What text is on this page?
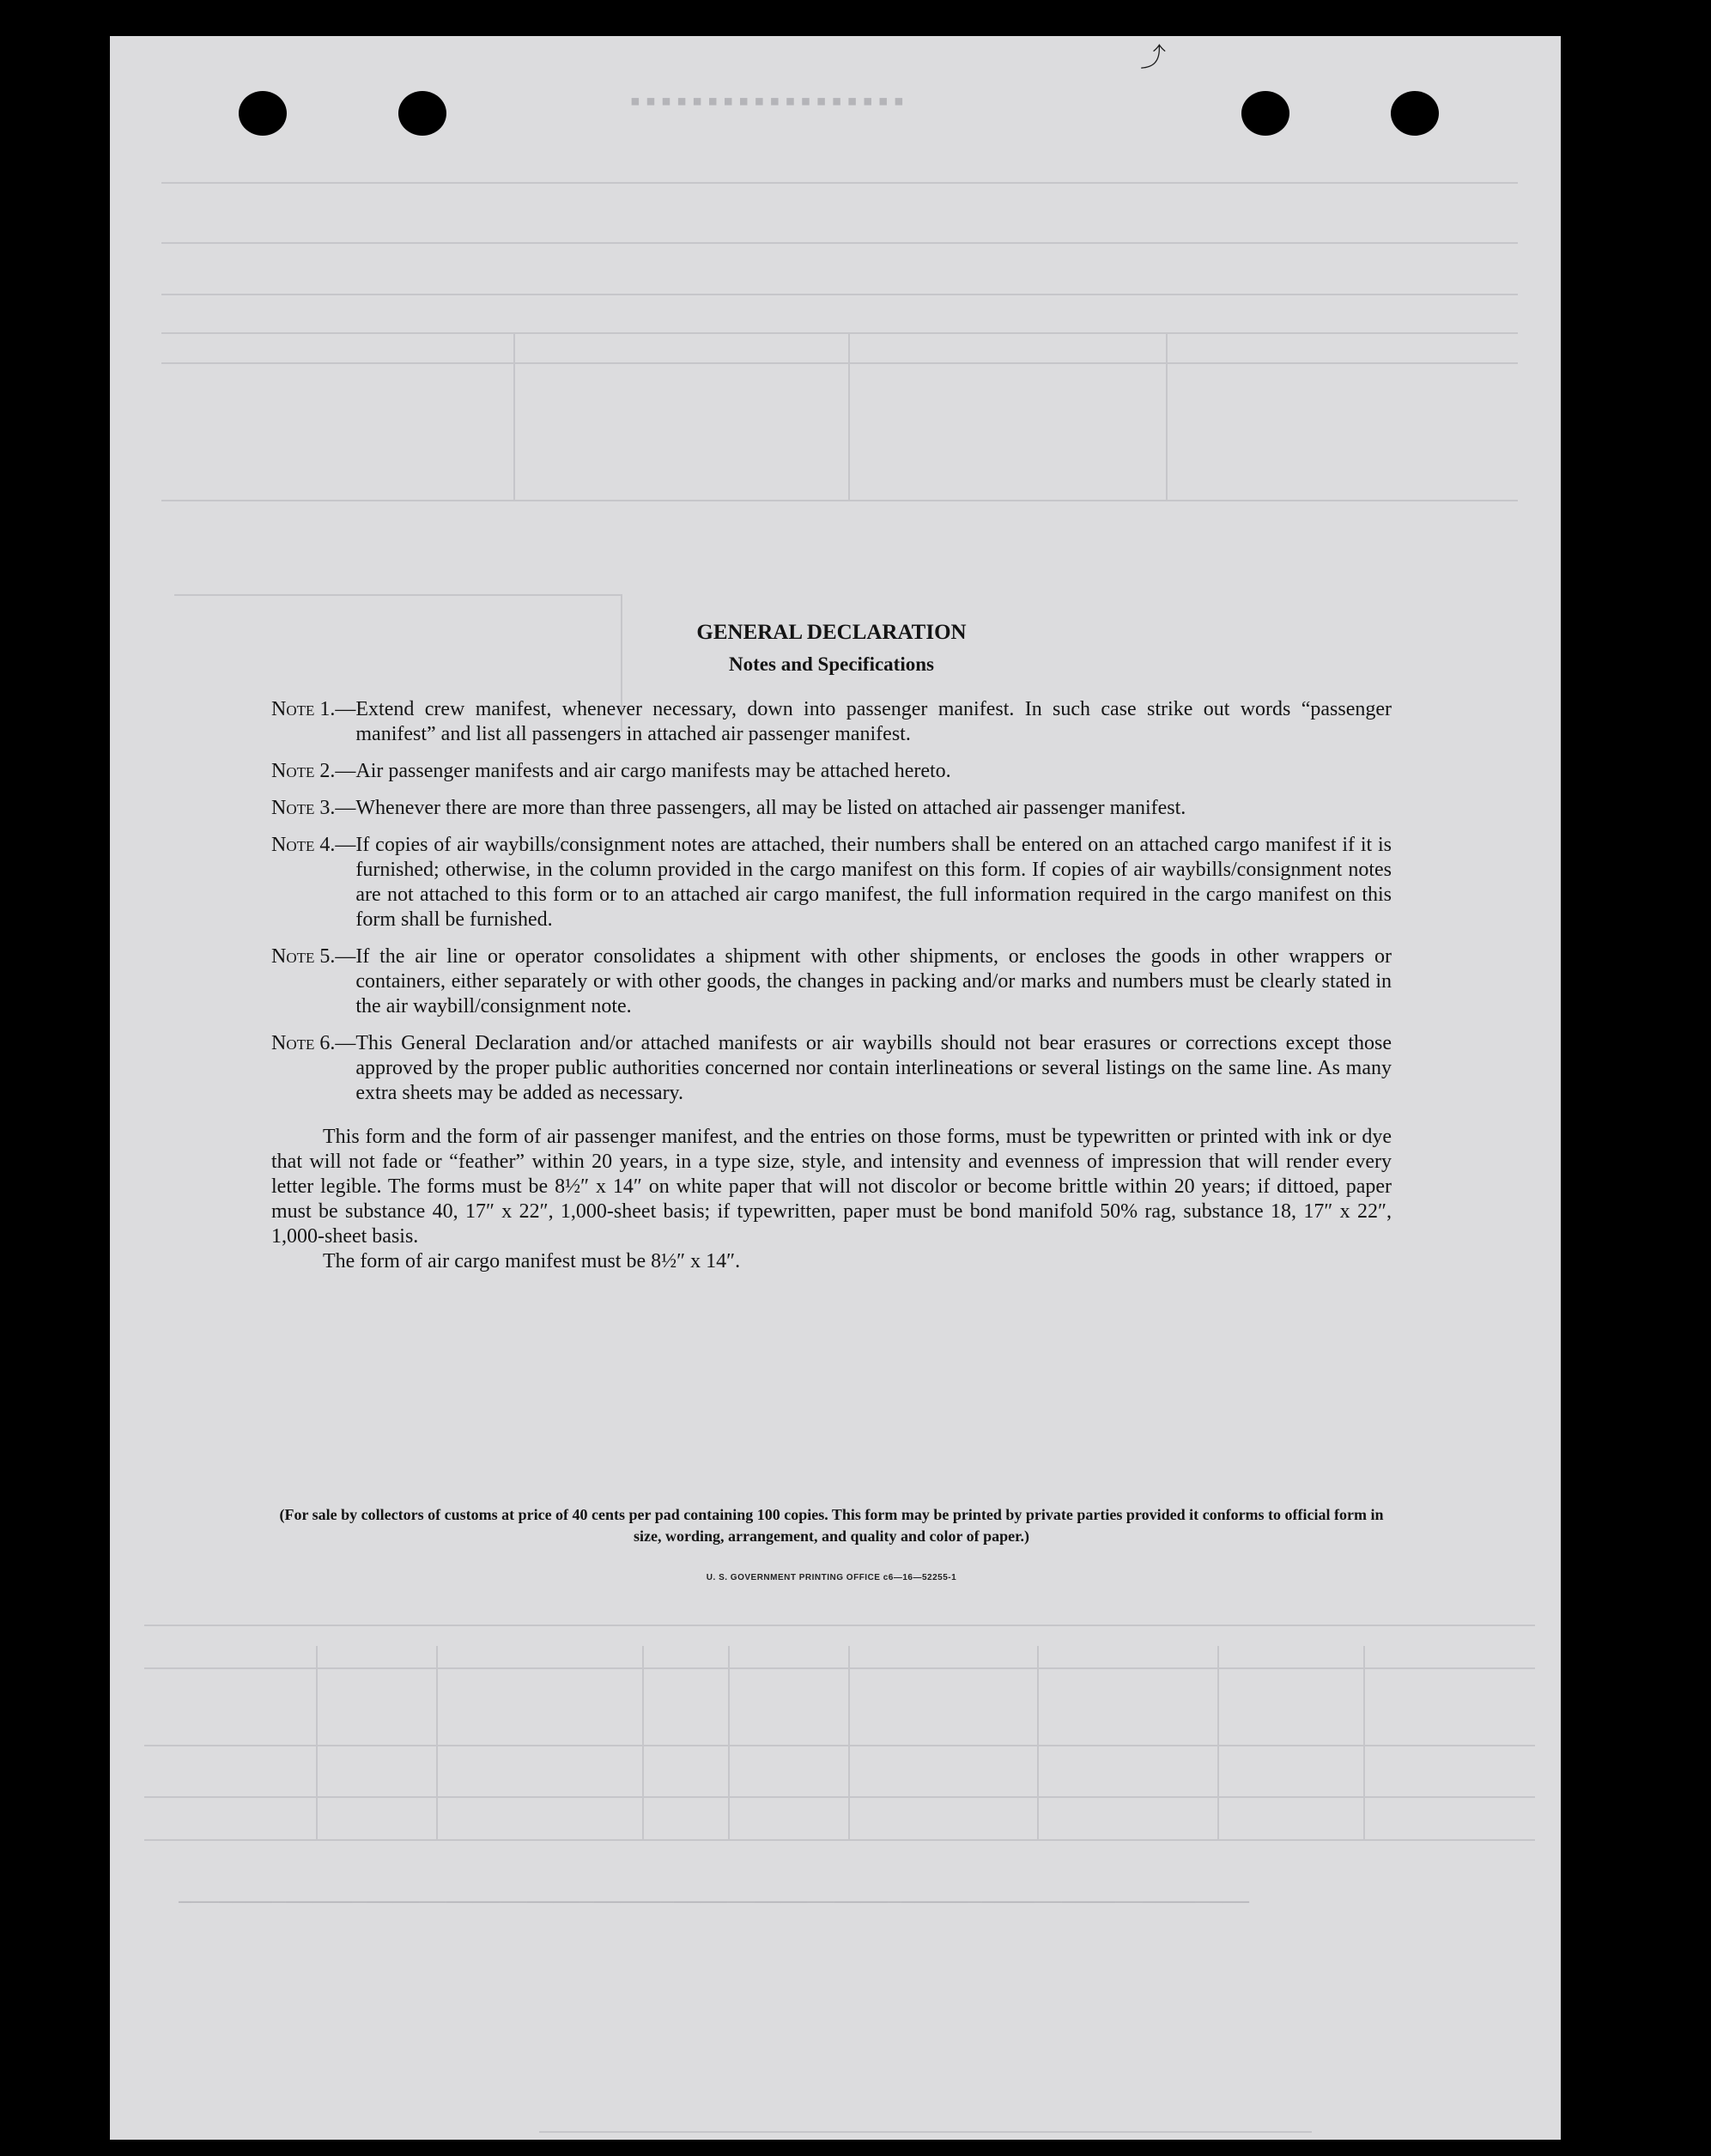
▪▪▪▪▪▪▪▪▪▪▪▪▪▪▪▪▪▪
────────────────────────────────────────────────────────────────────────────────
⤴
GENERAL DECLARATION
Notes and Specifications
Note 1.— Extend crew manifest, whenever necessary, down into passenger manifest. In such case strike out words “passenger manifest” and list all passengers in attached air passenger manifest.
Note 2.— Air passenger manifests and air cargo manifests may be attached hereto.
Note 3.— Whenever there are more than three passengers, all may be listed on attached air passenger manifest.
Note 4.— If copies of air waybills/consignment notes are attached, their numbers shall be entered on an attached cargo manifest if it is furnished; otherwise, in the column provided in the cargo manifest on this form. If copies of air waybills/consignment notes are not attached to this form or to an attached air cargo manifest, the full information required in the cargo manifest on this form shall be furnished.
Note 5.— If the air line or operator consolidates a shipment with other shipments, or encloses the goods in other wrappers or containers, either separately or with other goods, the changes in packing and/or marks and numbers must be clearly stated in the air waybill/consignment note.
Note 6.— This General Declaration and/or attached manifests or air waybills should not bear erasures or corrections except those approved by the proper public authorities concerned nor contain interlineations or several listings on the same line. As many extra sheets may be added as necessary.
This form and the form of air passenger manifest, and the entries on those forms, must be typewritten or printed with ink or dye that will not fade or “feather” within 20 years, in a type size, style, and intensity and evenness of impression that will render every letter legible. The forms must be 8½″ x 14″ on white paper that will not discolor or become brittle within 20 years; if dittoed, paper must be substance 40, 17″ x 22″, 1,000-sheet basis; if typewritten, paper must be bond manifold 50% rag, substance 18, 17″ x 22″, 1,000-sheet basis.
The form of air cargo manifest must be 8½″ x 14″.
(For sale by collectors of customs at price of 40 cents per pad containing 100 copies. This form may be printed by private parties provided it conforms to official form in size, wording, arrangement, and quality and color of paper.)
U. S. GOVERNMENT PRINTING OFFICE c6—16—52255-1
